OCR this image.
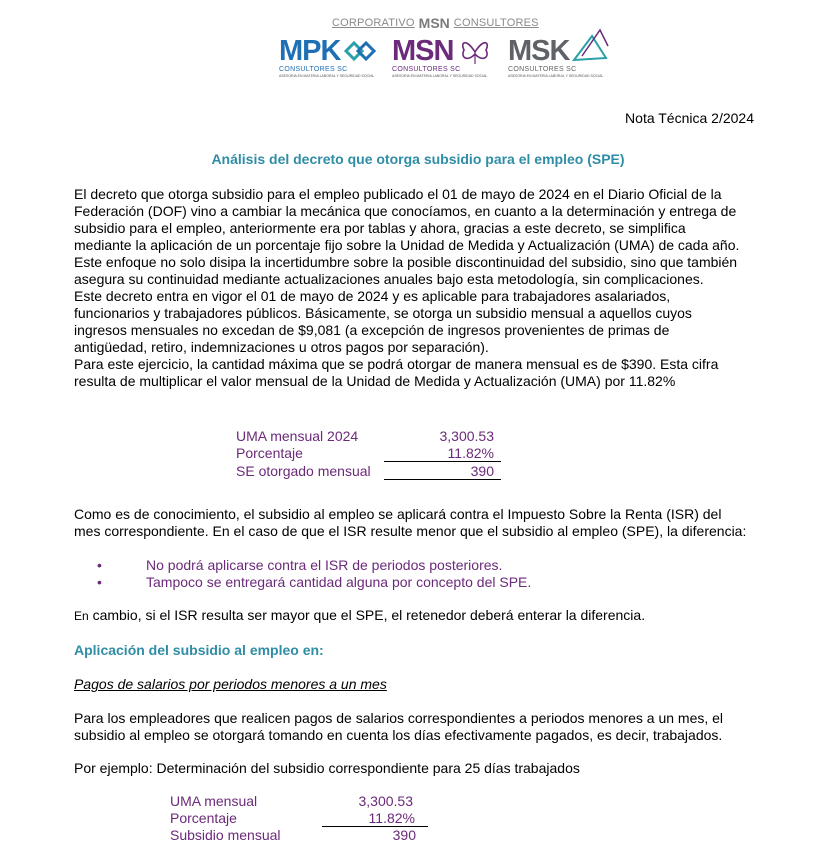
CORPORATIVO MSN CONSULTORES
MPK
CONSULTORES SC
ASESORIA EN MATERIA LABORAL Y SEGURIDAD SOCIAL
MSN
CONSULTORES SC
ASESORIA EN MATERIA LABORAL Y SEGURIDAD SOCIAL
MSK
CONSULTORES SC
ASESORIA EN MATERIA LABORAL Y SEGURIDAD SOCIAL
Nota Técnica 2/2024
Análisis del decreto que otorga subsidio para el empleo (SPE)
El decreto que otorga subsidio para el empleo publicado el 01 de mayo de 2024 en el Diario Oficial de la
Federación (DOF) vino a cambiar la mecánica que conocíamos, en cuanto a la determinación y entrega de
subsidio para el empleo, anteriormente era por tablas y ahora, gracias a este decreto, se simplifica
mediante la aplicación de un porcentaje fijo sobre la Unidad de Medida y Actualización (UMA) de cada año.
Este enfoque no solo disipa la incertidumbre sobre la posible discontinuidad del subsidio, sino que también
asegura su continuidad mediante actualizaciones anuales bajo esta metodología, sin complicaciones.
Este decreto entra en vigor el 01 de mayo de 2024 y es aplicable para trabajadores asalariados,
funcionarios y trabajadores públicos. Básicamente, se otorga un subsidio mensual a aquellos cuyos
ingresos mensuales no excedan de $9,081 (a excepción de ingresos provenientes de primas de
antigüedad, retiro, indemnizaciones u otros pagos por separación).
Para este ejercicio, la cantidad máxima que se podrá otorgar de manera mensual es de $390. Esta cifra
resulta de multiplicar el valor mensual de la Unidad de Medida y Actualización (UMA) por 11.82%
UMA mensual 2024	3,300.53
Porcentaje	11.82%
SE otorgado mensual	390
Como es de conocimiento, el subsidio al empleo se aplicará contra el Impuesto Sobre la Renta (ISR) del
mes correspondiente. En el caso de que el ISR resulte menor que el subsidio al empleo (SPE), la diferencia:
•	No podrá aplicarse contra el ISR de periodos posteriores.
•	Tampoco se entregará cantidad alguna por concepto del SPE.
En cambio, si el ISR resulta ser mayor que el SPE, el retenedor deberá enterar la diferencia.
Aplicación del subsidio al empleo en:
Pagos de salarios por periodos menores a un mes
Para los empleadores que realicen pagos de salarios correspondientes a periodos menores a un mes, el
subsidio al empleo se otorgará tomando en cuenta los días efectivamente pagados, es decir, trabajados.
Por ejemplo: Determinación del subsidio correspondiente para 25 días trabajados
UMA mensual	3,300.53
Porcentaje	11.82%
Subsidio mensual	390
